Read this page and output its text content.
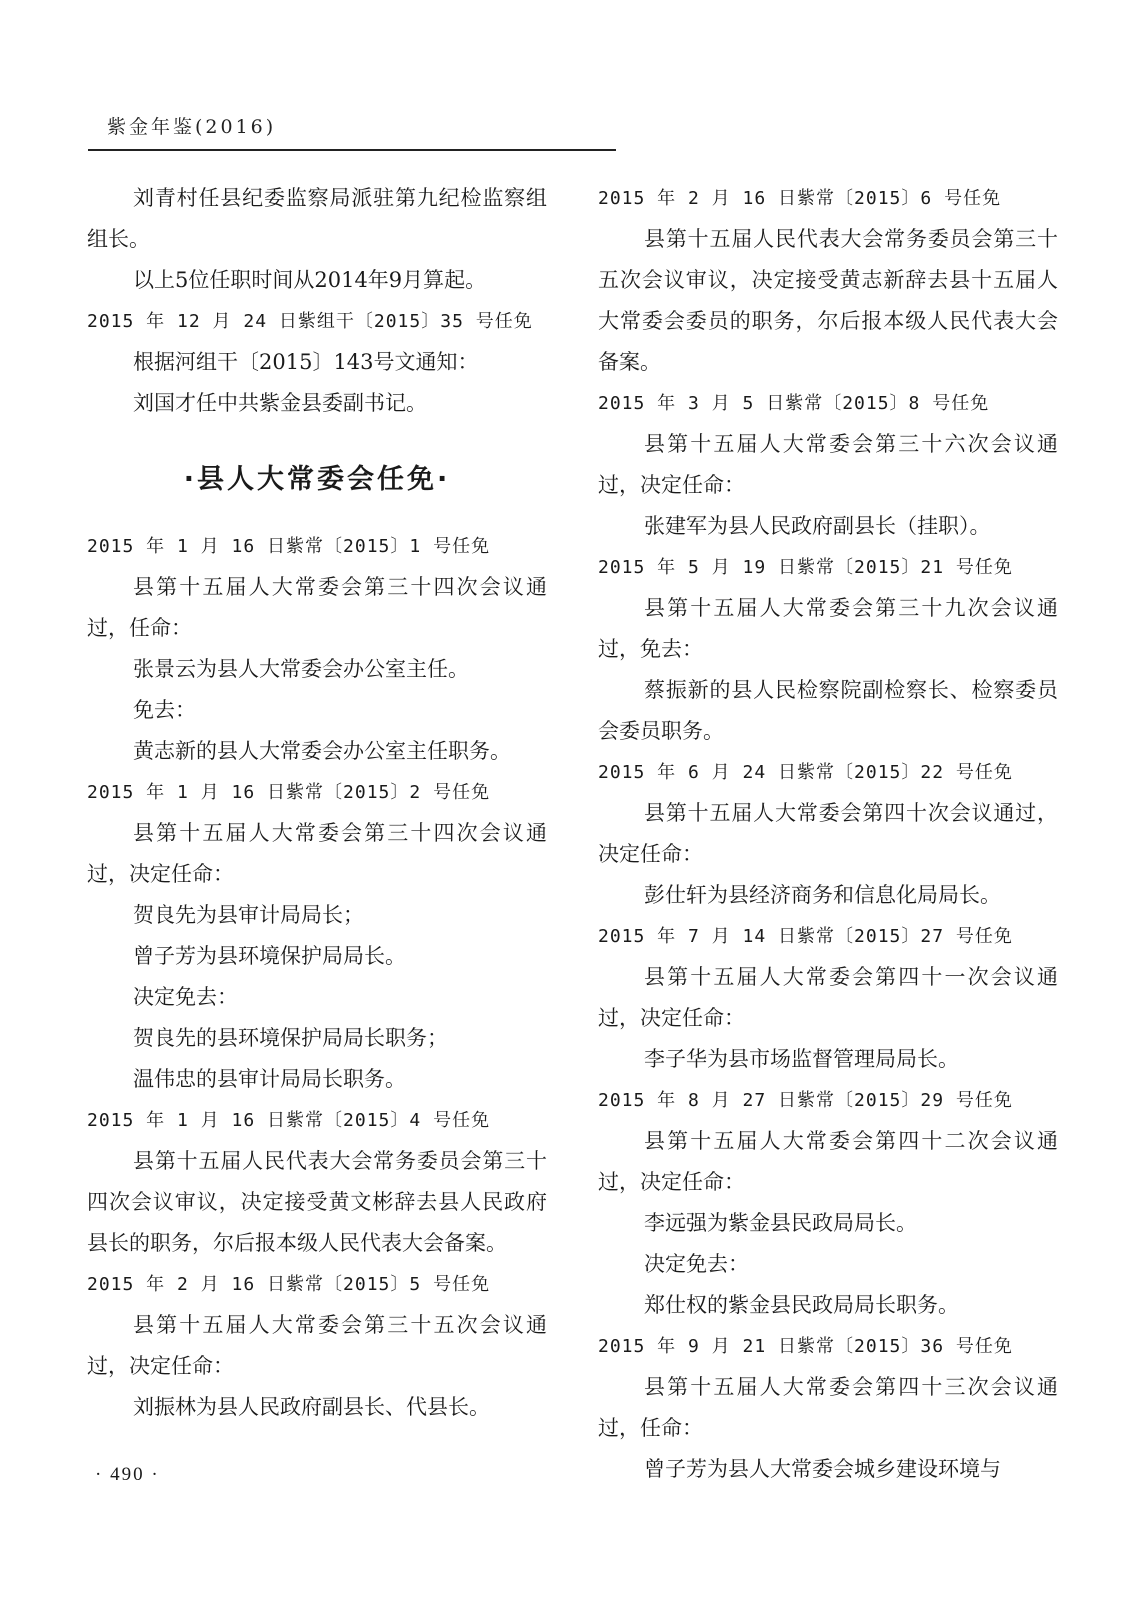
紫金年鉴(2016)
刘青村任县纪委监察局派驻第九纪检监察组组长。
以上5位任职时间从2014年9月算起。
2015 年 12 月 24 日紫组干〔2015〕35 号任免
根据河组干〔2015〕143号文通知：
刘国才任中共紫金县委副书记。
·县人大常委会任免·
2015 年 1 月 16 日紫常〔2015〕1 号任免
县第十五届人大常委会第三十四次会议通过，任命：
张景云为县人大常委会办公室主任。
免去：
黄志新的县人大常委会办公室主任职务。
2015 年 1 月 16 日紫常〔2015〕2 号任免
县第十五届人大常委会第三十四次会议通过，决定任命：
贺良先为县审计局局长；
曾子芳为县环境保护局局长。
决定免去：
贺良先的县环境保护局局长职务；
温伟忠的县审计局局长职务。
2015 年 1 月 16 日紫常〔2015〕4 号任免
县第十五届人民代表大会常务委员会第三十四次会议审议，决定接受黄文彬辞去县人民政府县长的职务，尔后报本级人民代表大会备案。
2015 年 2 月 16 日紫常〔2015〕5 号任免
县第十五届人大常委会第三十五次会议通过，决定任命：
刘振林为县人民政府副县长、代县长。
2015 年 2 月 16 日紫常〔2015〕6 号任免
县第十五届人民代表大会常务委员会第三十五次会议审议，决定接受黄志新辞去县十五届人大常委会委员的职务，尔后报本级人民代表大会备案。
2015 年 3 月 5 日紫常〔2015〕8 号任免
县第十五届人大常委会第三十六次会议通过，决定任命：
张建军为县人民政府副县长（挂职）。
2015 年 5 月 19 日紫常〔2015〕21 号任免
县第十五届人大常委会第三十九次会议通过，免去：
蔡振新的县人民检察院副检察长、检察委员会委员职务。
2015 年 6 月 24 日紫常〔2015〕22 号任免
县第十五届人大常委会第四十次会议通过，决定任命：
彭仕轩为县经济商务和信息化局局长。
2015 年 7 月 14 日紫常〔2015〕27 号任免
县第十五届人大常委会第四十一次会议通过，决定任命：
李子华为县市场监督管理局局长。
2015 年 8 月 27 日紫常〔2015〕29 号任免
县第十五届人大常委会第四十二次会议通过，决定任命：
李远强为紫金县民政局局长。
决定免去：
郑仕权的紫金县民政局局长职务。
2015 年 9 月 21 日紫常〔2015〕36 号任免
县第十五届人大常委会第四十三次会议通过，任命：
曾子芳为县人大常委会城乡建设环境与
· 490 ·
